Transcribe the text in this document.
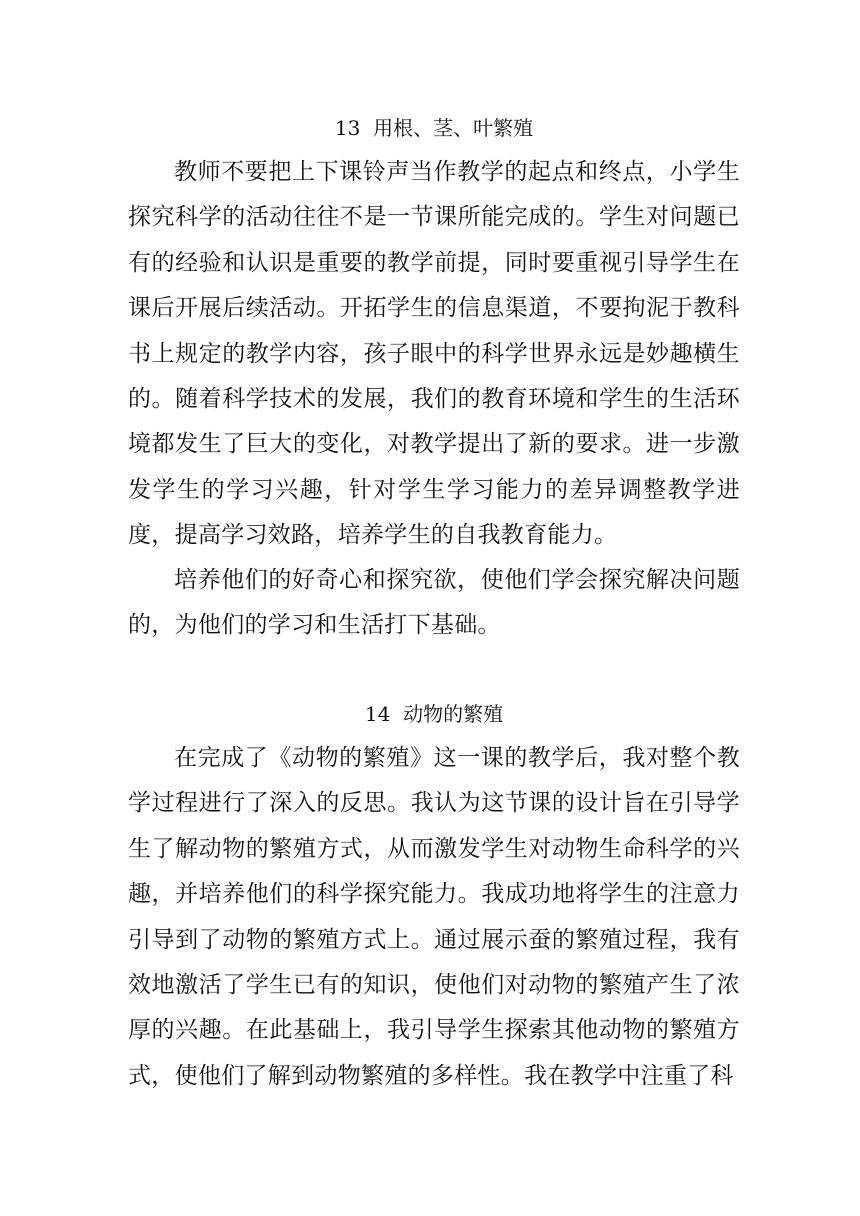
13  用根、茎、叶繁殖

教师不要把上下课铃声当作教学的起点和终点，小学生探究科学的活动往往不是一节课所能完成的。学生对问题已有的经验和认识是重要的教学前提，同时要重视引导学生在课后开展后续活动。开拓学生的信息渠道，不要拘泥于教科书上规定的教学内容，孩子眼中的科学世界永远是妙趣横生的。随着科学技术的发展，我们的教育环境和学生的生活环境都发生了巨大的变化，对教学提出了新的要求。进一步激发学生的学习兴趣，针对学生学习能力的差异调整教学进度，提高学习效路，培养学生的自我教育能力。

培养他们的好奇心和探究欲，使他们学会探究解决问题的，为他们的学习和生活打下基础。

14  动物的繁殖

在完成了《动物的繁殖》这一课的教学后，我对整个教学过程进行了深入的反思。我认为这节课的设计旨在引导学生了解动物的繁殖方式，从而激发学生对动物生命科学的兴趣，并培养他们的科学探究能力。我成功地将学生的注意力引导到了动物的繁殖方式上。通过展示蚕的繁殖过程，我有效地激活了学生已有的知识，使他们对动物的繁殖产生了浓厚的兴趣。在此基础上，我引导学生探索其他动物的繁殖方式，使他们了解到动物繁殖的多样性。我在教学中注重了科
